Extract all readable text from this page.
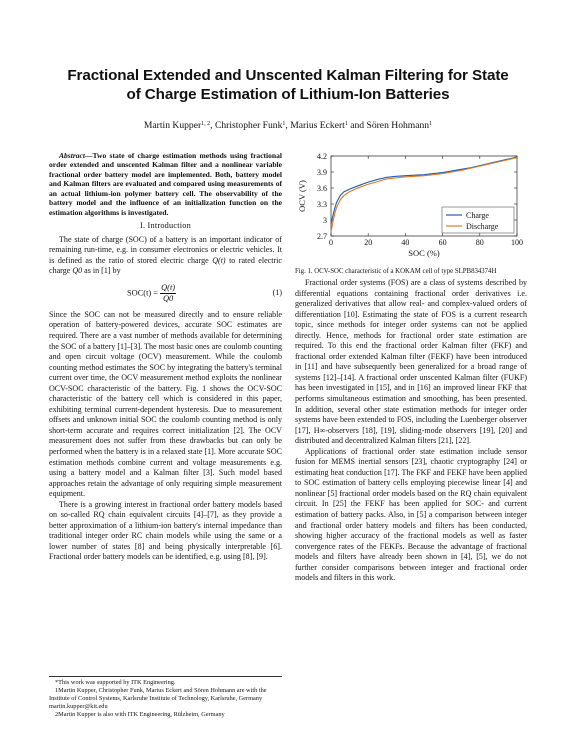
Fractional Extended and Unscented Kalman Filtering for State of Charge Estimation of Lithium-Ion Batteries
Martin Kupper$^{1, 2}$, Christopher Funk$^1$, Marius Eckert$^1$ and Sören Hohmann$^1$

Abstract—Two state of charge estimation methods using fractional order extended and unscented Kalman filter and a nonlinear variable fractional order battery model are implemented. Both, battery model and Kalman filters are evaluated and compared using measurements of an actual lithium-ion polymer battery cell. The observability of the battery model and the influence of an initialization function on the estimation algorithms is investigated.

I. Introduction

The state of charge (SOC) of a battery is an important indicator of remaining run-time, e.g. in consumer electronics or electric vehicles. It is defined as the ratio of stored electric charge Q(t) to rated electric charge Q0 as in [1] by

$SOC(t) = \frac{Q(t)}{Q0}$	(1)

Since the SOC can not be measured directly and to ensure reliable operation of battery-powered devices, accurate SOC estimates are required. There are a vast number of methods available for determining the SOC of a battery [1]–[3]. The most basic ones are coulomb counting and open circuit voltage (OCV) measurement. While the coulomb counting method estimates the SOC by integrating the battery's terminal current over time, the OCV measurement method exploits the nonlinear OCV-SOC characteristic of the battery. Fig. 1 shows the OCV-SOC characteristic of the battery cell which is considered in this paper, exhibiting terminal current-dependent hysteresis. Due to measurement offsets and unknown initial SOC the coulomb counting method is only short-term accurate and requires correct initialization [2]. The OCV measurement does not suffer from these drawbacks but can only be performed when the battery is in a relaxed state [1]. More accurate SOC estimation methods combine current and voltage measurements e.g. using a battery model and a Kalman filter [3]. Such model based approaches retain the advantage of only requiring simple measurement equipment.

There is a growing interest in fractional order battery models based on so-called RQ chain equivalent circuits [4]–[7], as they provide a better approximation of a lithium-ion battery's internal impedance than traditional integer order RC chain models while using the same or a lower number of states [8] and being physically interpretable [6]. Fractional order battery models can be identified, e.g. using [8], [9].

*This work was supported by ITK Engineering.
1Martin Kupper, Christopher Funk, Marius Eckert and Sören Hohmann are with the Institute of Control Systems, Karlsruhe Institute of Technology, Karlsruhe, Germany martin.kupper@kit.edu
2Martin Kupper is also with ITK Engineering, Rülzheim, Germany
0	20	40	60	80	100
2.7
3
3.3
3.6
3.9
4.2
SOC (%)
OCV (V)
Charge
Discharge
Fig. 1. OCV-SOC characteristic of a KOKAM cell of type SLPB834374H

Fractional order systems (FOS) are a class of systems described by differential equations containing fractional order derivatives i.e. generalized derivatives that allow real- and complex-valued orders of differentiation [10]. Estimating the state of FOS is a current research topic, since methods for integer order systems can not be applied directly. Hence, methods for fractional order state estimation are required. To this end the fractional order Kalman filter (FKF) and fractional order extended Kalman filter (FEKF) have been introduced in [11] and have subsequently been generalized for a broad range of systems [12]–[14]. A fractional order unscented Kalman filter (FUKF) has been investigated in [15], and in [16] an improved linear FKF that performs simultaneous estimation and smoothing, has been presented. In addition, several other state estimation methods for integer order systems have been extended to FOS, including the Luenberger observer [17], H∞-observers [18], [19], sliding-mode observers [19], [20] and distributed and decentralized Kalman filters [21], [22].

Applications of fractional order state estimation include sensor fusion for MEMS inertial sensors [23], chaotic cryptography [24] or estimating heat conduction [17]. The FKF and FEKF have been applied to SOC estimation of battery cells employing piecewise linear [4] and nonlinear [5] fractional order models based on the RQ chain equivalent circuit. In [25] the FEKF has been applied for SOC- and current estimation of battery packs. Also, in [5] a comparison between integer and fractional order battery models and filters has been conducted, showing higher accuracy of the fractional models as well as faster convergence rates of the FEKFs. Because the advantage of fractional models and filters have already been shown in [4], [5], we do not further consider comparisons between integer and fractional order models and filters in this work.
